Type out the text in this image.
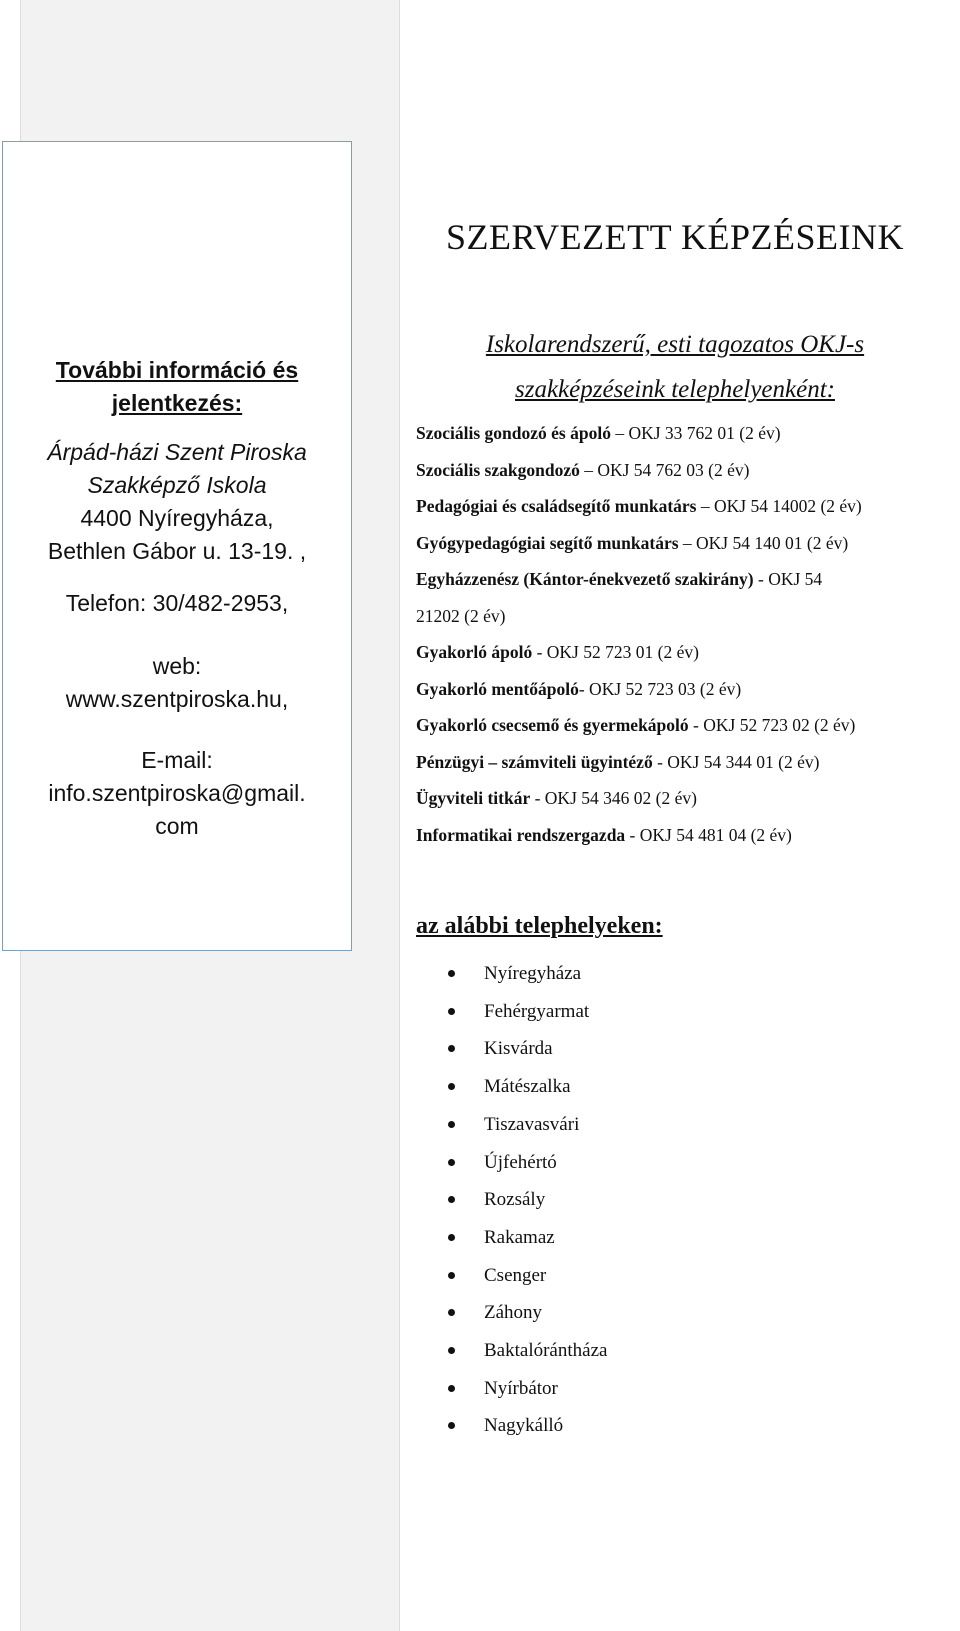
További információ és
jelentkezés:
Árpád-házi Szent Piroska
Szakképző Iskola
4400 Nyíregyháza,
Bethlen Gábor u. 13-19. ,
Telefon: 30/482-2953,
web:
www.szentpiroska.hu,
E-mail:
info.szentpiroska@gmail.
com
SZERVEZETT KÉPZÉSEINK
Iskolarendszerű, esti tagozatos OKJ-s
szakképzéseink telephelyenként:
Szociális gondozó és ápoló – OKJ 33 762 01 (2 év)
Szociális szakgondozó – OKJ 54 762 03 (2 év)
Pedagógiai és családsegítő munkatárs – OKJ 54 14002 (2 év)
Gyógypedagógiai segítő munkatárs – OKJ 54 140 01 (2 év)
Egyházzenész (Kántor-énekvezető szakirány) - OKJ 54
21202 (2 év)
Gyakorló ápoló - OKJ 52 723 01 (2 év)
Gyakorló mentőápoló- OKJ 52 723 03 (2 év)
Gyakorló csecsemő és gyermekápoló - OKJ 52 723 02 (2 év)
Pénzügyi – számviteli ügyintéző - OKJ 54 344 01 (2 év)
Ügyviteli titkár - OKJ 54 346 02 (2 év)
Informatikai rendszergazda - OKJ 54 481 04 (2 év)
az alábbi telephelyeken:
Nyíregyháza
Fehérgyarmat
Kisvárda
Mátészalka
Tiszavasvári
Újfehértó
Rozsály
Rakamaz
Csenger
Záhony
Baktalórántháza
Nyírbátor
Nagykálló
